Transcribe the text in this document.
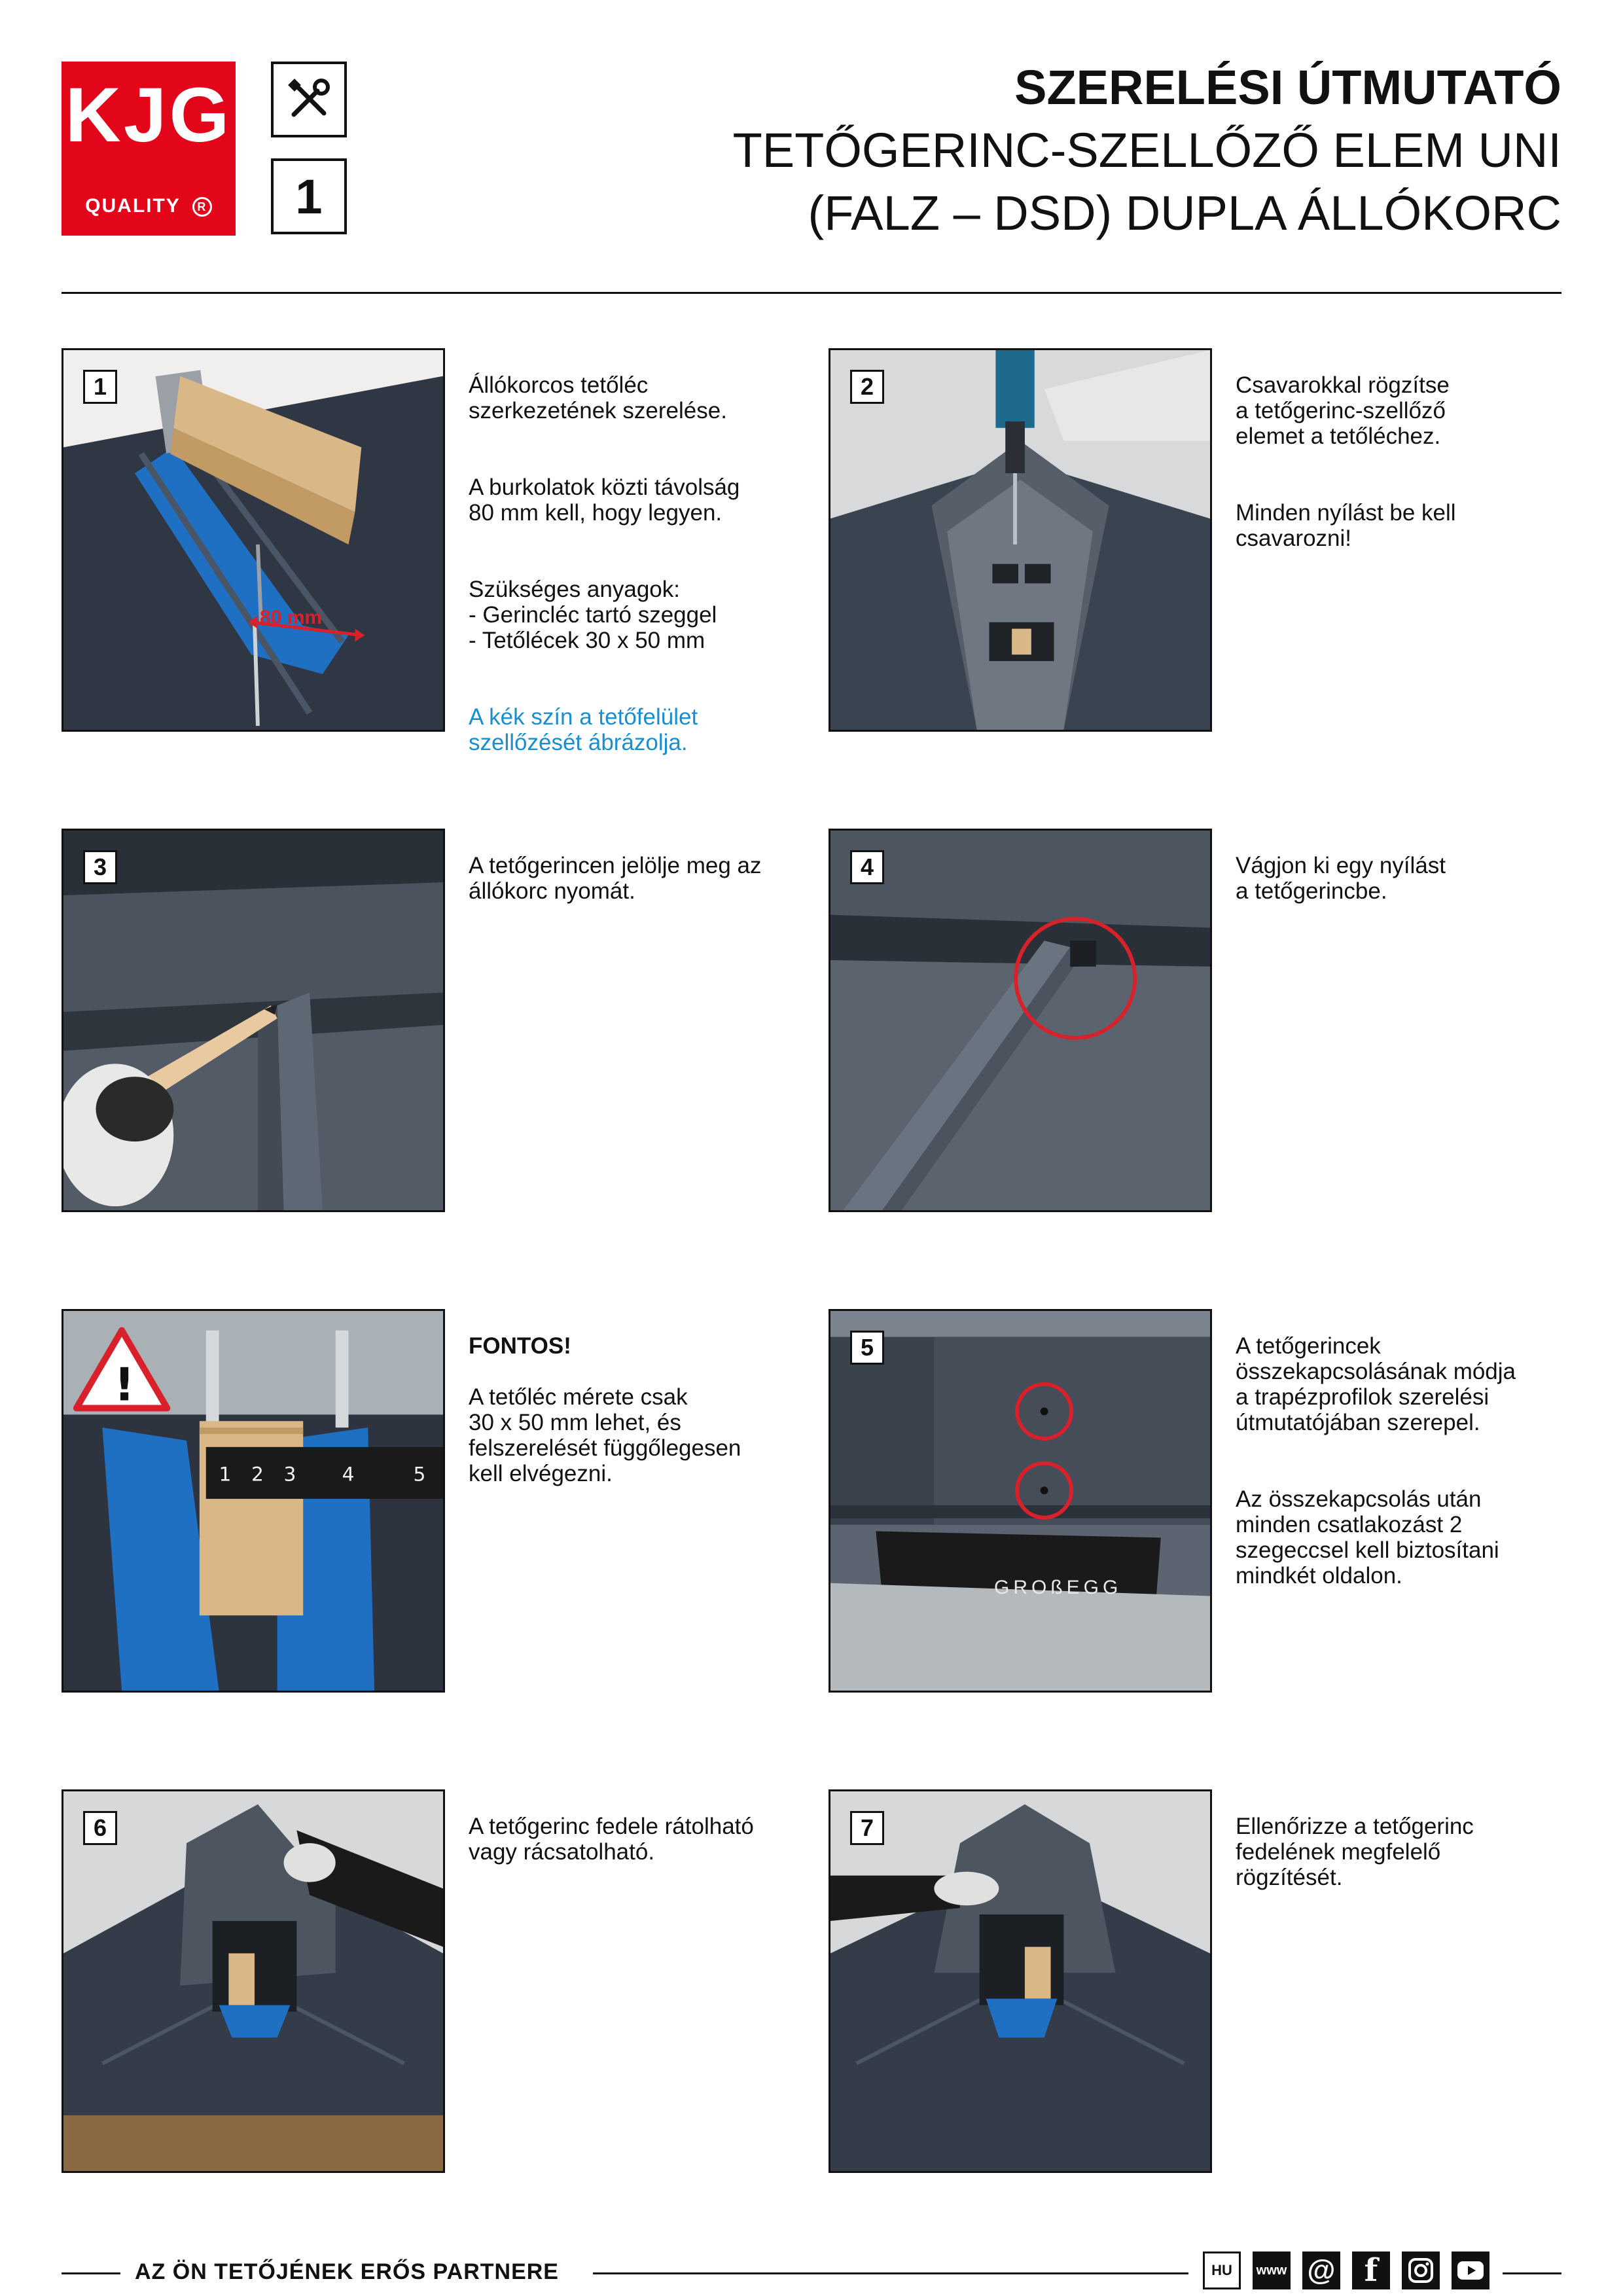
KJG
QUALITY R	1
SZERELÉSI ÚTMUTATÓ
TETŐGERINC-SZELLŐZŐ ELEM UNI
(FALZ – DSD) DUPLA ÁLLÓKORC
80 mm
1	Állókorcos tetőléc
szerkezetének szerelése.

A burkolatok közti távolság
80 mm kell, hogy legyen.

Szükséges anyagok:
- Gerincléc tartó szeggel
- Tetőlécek 30 x 50 mm

A kék szín a tetőfelület
szellőzését ábrázolja.

2	Csavarokkal rögzítse
a tetőgerinc-szellőző
elemet a tetőléchez.

Minden nyílást be kell
csavarozni!

3	A tetőgerincen jelölje meg az
állókorc nyomát.

4	Vágjon ki egy nyílást
a tetőgerincbe.

1 2 3 4	5
!

FONTOS!

A tetőléc mérete csak
30 x 50 mm lehet, és
felszerelését függőlegesen
kell elvégezni.

GROßEGG
5	A tetőgerincek
összekapcsolásának módja
a trapézprofilok szerelési
útmutatójában szerepel.

Az összekapcsolás után
minden csatlakozást 2
szegeccsel kell biztosítani
mindkét oldalon.

6	A tetőgerinc fedele rátolható
vagy rácsatolható.

7	Ellenőrizze a tetőgerinc
fedelének megfelelő
rögzítését.

AZ ÖN TETŐJÉNEK ERŐS PARTNERE	HU	www @ f
